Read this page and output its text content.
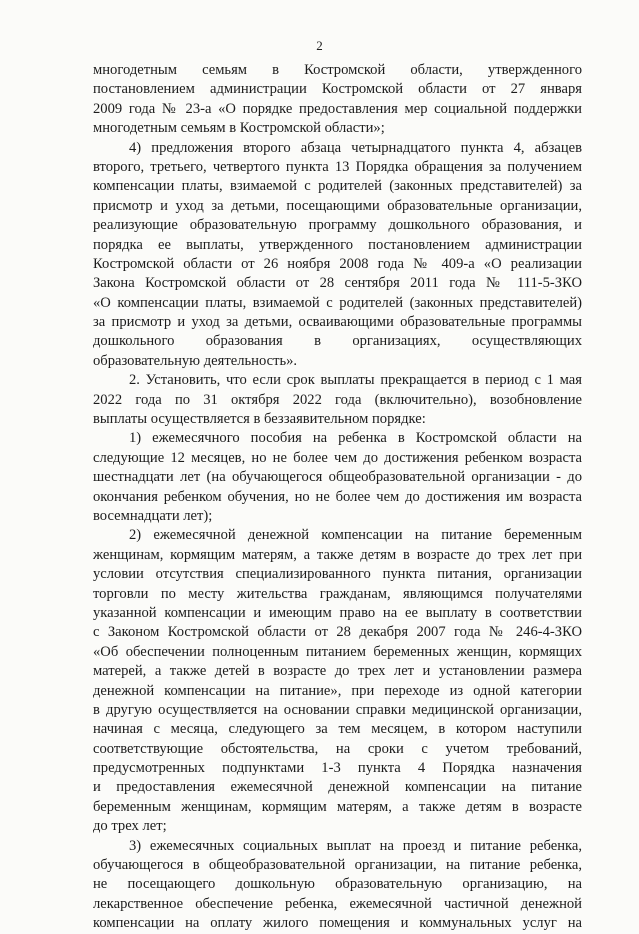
2
многодетным семьям в Костромской области, утвержденного
постановлением администрации Костромской области от 27 января
2009 года № 23-а «О порядке предоставления мер социальной поддержки
многодетным семьям в Костромской области»;
4) предложения второго абзаца четырнадцатого пункта 4, абзацев
второго, третьего, четвертого пункта 13 Порядка обращения за получением
компенсации платы, взимаемой с родителей (законных представителей) за
присмотр и уход за детьми, посещающими образовательные организации,
реализующие образовательную программу дошкольного образования, и
порядка ее выплаты, утвержденного постановлением администрации
Костромской области от 26 ноября 2008 года № 409-а «О реализации
Закона Костромской области от 28 сентября 2011 года № 111-5-ЗКО
«О компенсации платы, взимаемой с родителей (законных представителей)
за присмотр и уход за детьми, осваивающими образовательные программы
дошкольного образования в организациях, осуществляющих
образовательную деятельность».
2. Установить, что если срок выплаты прекращается в период с 1 мая
2022 года по 31 октября 2022 года (включительно), возобновление
выплаты осуществляется в беззаявительном порядке:
1) ежемесячного пособия на ребенка в Костромской области на
следующие 12 месяцев, но не более чем до достижения ребенком возраста
шестнадцати лет (на обучающегося общеобразовательной организации - до
окончания ребенком обучения, но не более чем до достижения им возраста
восемнадцати лет);
2) ежемесячной денежной компенсации на питание беременным
женщинам, кормящим матерям, а также детям в возрасте до трех лет при
условии отсутствия специализированного пункта питания, организации
торговли по месту жительства гражданам, являющимся получателями
указанной компенсации и имеющим право на ее выплату в соответствии
с Законом Костромской области от 28 декабря 2007 года № 246-4-ЗКО
«Об обеспечении полноценным питанием беременных женщин, кормящих
матерей, а также детей в возрасте до трех лет и установлении размера
денежной компенсации на питание», при переходе из одной категории
в другую осуществляется на основании справки медицинской организации,
начиная с месяца, следующего за тем месяцем, в котором наступили
соответствующие обстоятельства, на сроки с учетом требований,
предусмотренных подпунктами 1-3 пункта 4 Порядка назначения
и предоставления ежемесячной денежной компенсации на питание
беременным женщинам, кормящим матерям, а также детям в возрасте
до трех лет;
3) ежемесячных социальных выплат на проезд и питание ребенка,
обучающегося в общеобразовательной организации, на питание ребенка,
не посещающего дошкольную образовательную организацию, на
лекарственное обеспечение ребенка, ежемесячной частичной денежной
компенсации на оплату жилого помещения и коммунальных услуг на
